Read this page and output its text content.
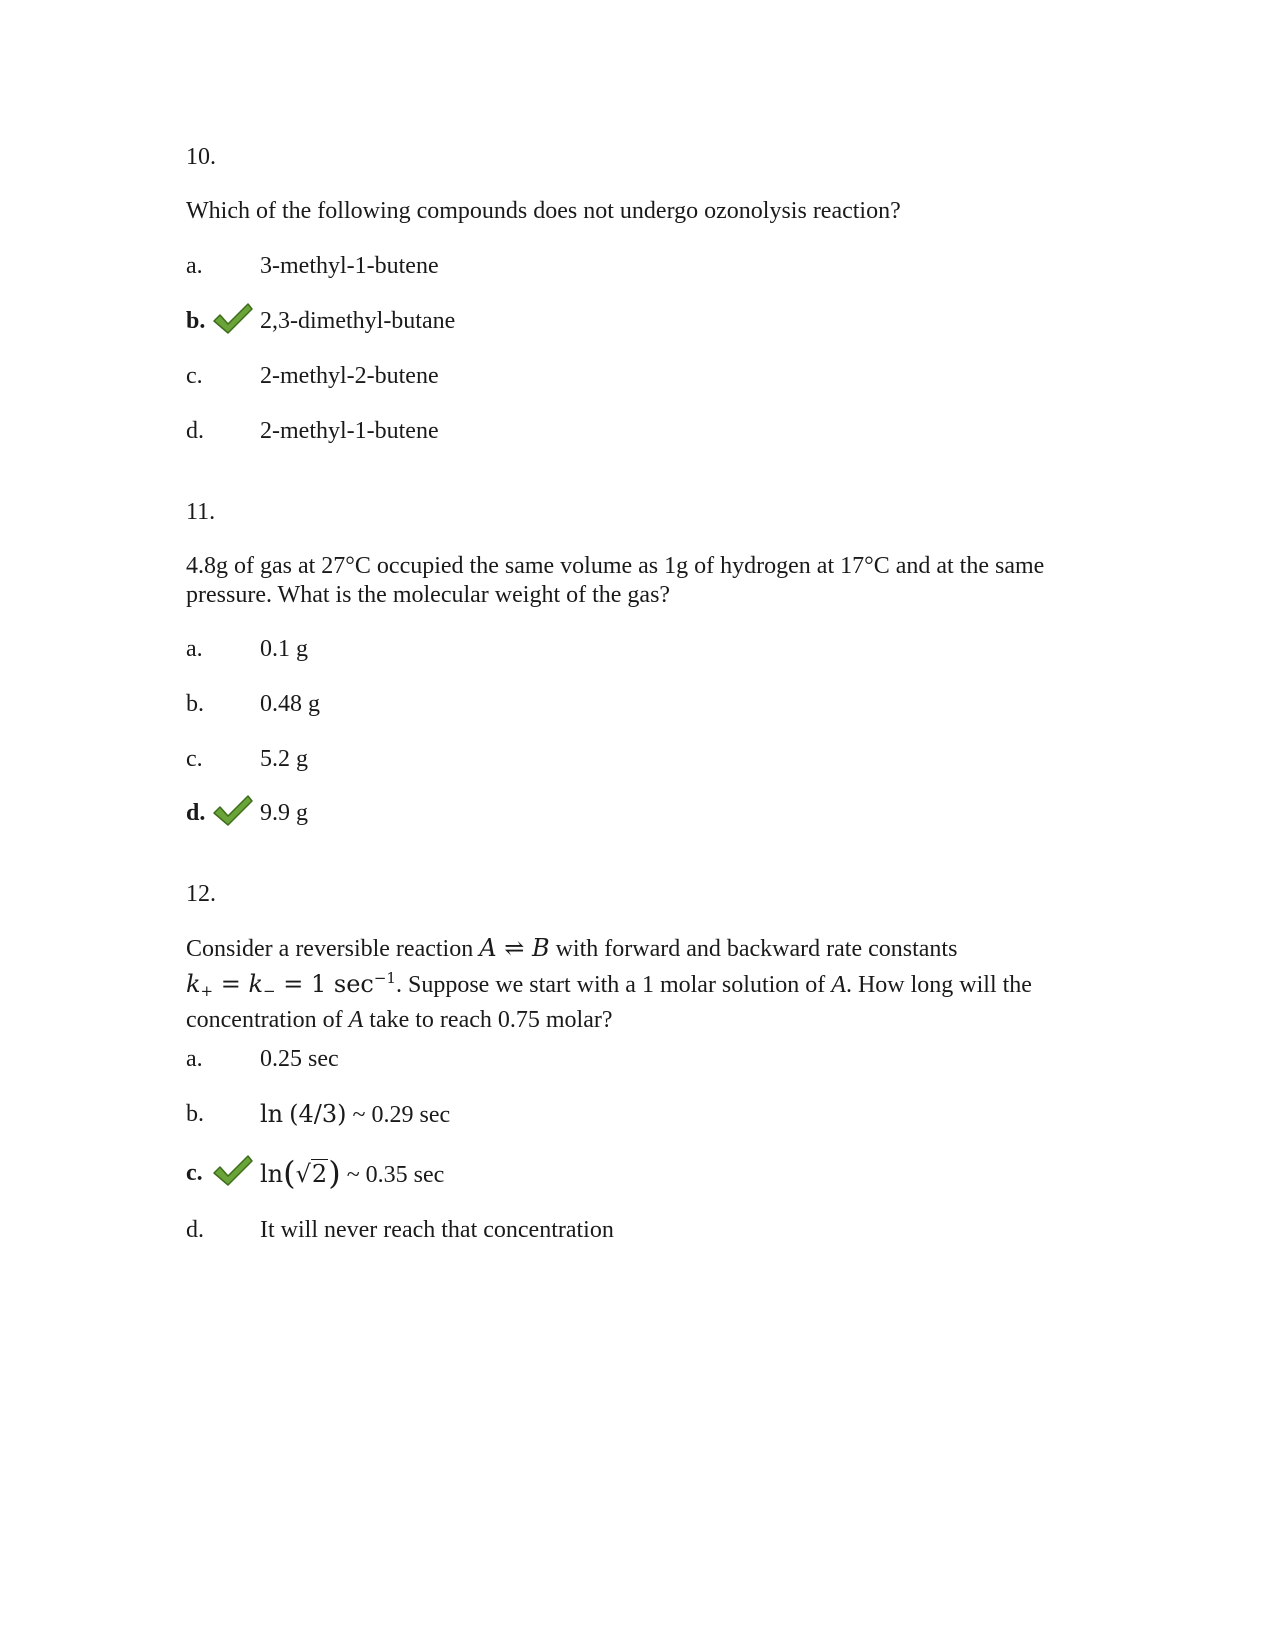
10.
Which of the following compounds does not undergo ozonolysis reaction?
a. 3-methyl-1-butene
b. 2,3-dimethyl-butane
c. 2-methyl-2-butene
d. 2-methyl-1-butene
11.
4.8g of gas at 27°C occupied the same volume as 1g of hydrogen at 17°C and at the same
pressure. What is the molecular weight of the gas?
a. 0.1 g
b. 0.48 g
c. 5.2 g
d. 9.9 g
12.
Consider a reversible reaction A ⇌ B with forward and backward rate constants
k+ = k− = 1 $\sec^{-1}$. Suppose we start with a 1 molar solution of A. How long will the
concentration of A take to reach 0.75 molar?
a. 0.25 sec
b. ln (4/3) ~ 0.29 sec
c. ln(√2) ~ 0.35 sec
d. It will never reach that concentration
